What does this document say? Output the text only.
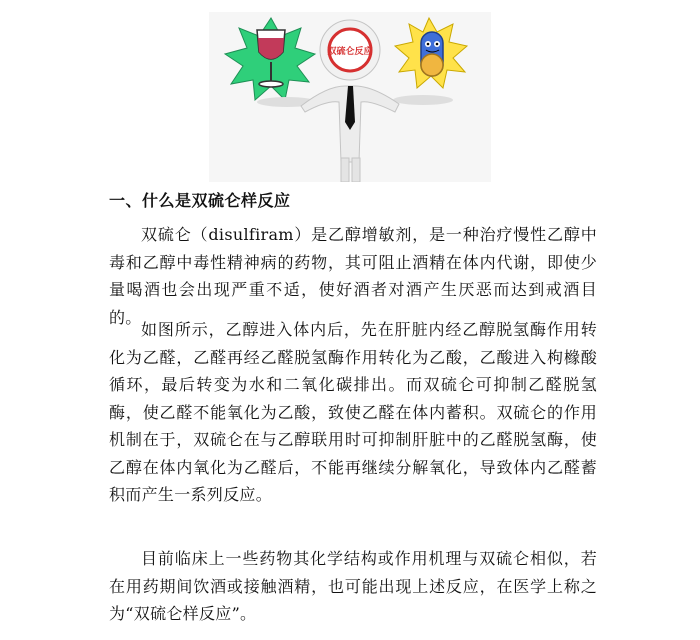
双硫仑反应
一、什么是双硫仑样反应

双硫仑（disulfiram）是乙醇增敏剂，是一种治疗慢性乙醇中毒和乙醇中毒性精神病的药物，其可阻止酒精在体内代谢，即使少量喝酒也会出现严重不适，使好酒者对酒产生厌恶而达到戒酒目的。

如图所示，乙醇进入体内后，先在肝脏内经乙醇脱氢酶作用转化为乙醛，乙醛再经乙醛脱氢酶作用转化为乙酸，乙酸进入枸橼酸循环，最后转变为水和二氧化碳排出。而双硫仑可抑制乙醛脱氢酶，使乙醛不能氧化为乙酸，致使乙醛在体内蓄积。双硫仑的作用机制在于，双硫仑在与乙醇联用时可抑制肝脏中的乙醛脱氢酶，使乙醇在体内氧化为乙醛后，不能再继续分解氧化，导致体内乙醛蓄积而产生一系列反应。

目前临床上一些药物其化学结构或作用机理与双硫仑相似，若在用药期间饮酒或接触酒精，也可能出现上述反应，在医学上称之为“双硫仑样反应”。
